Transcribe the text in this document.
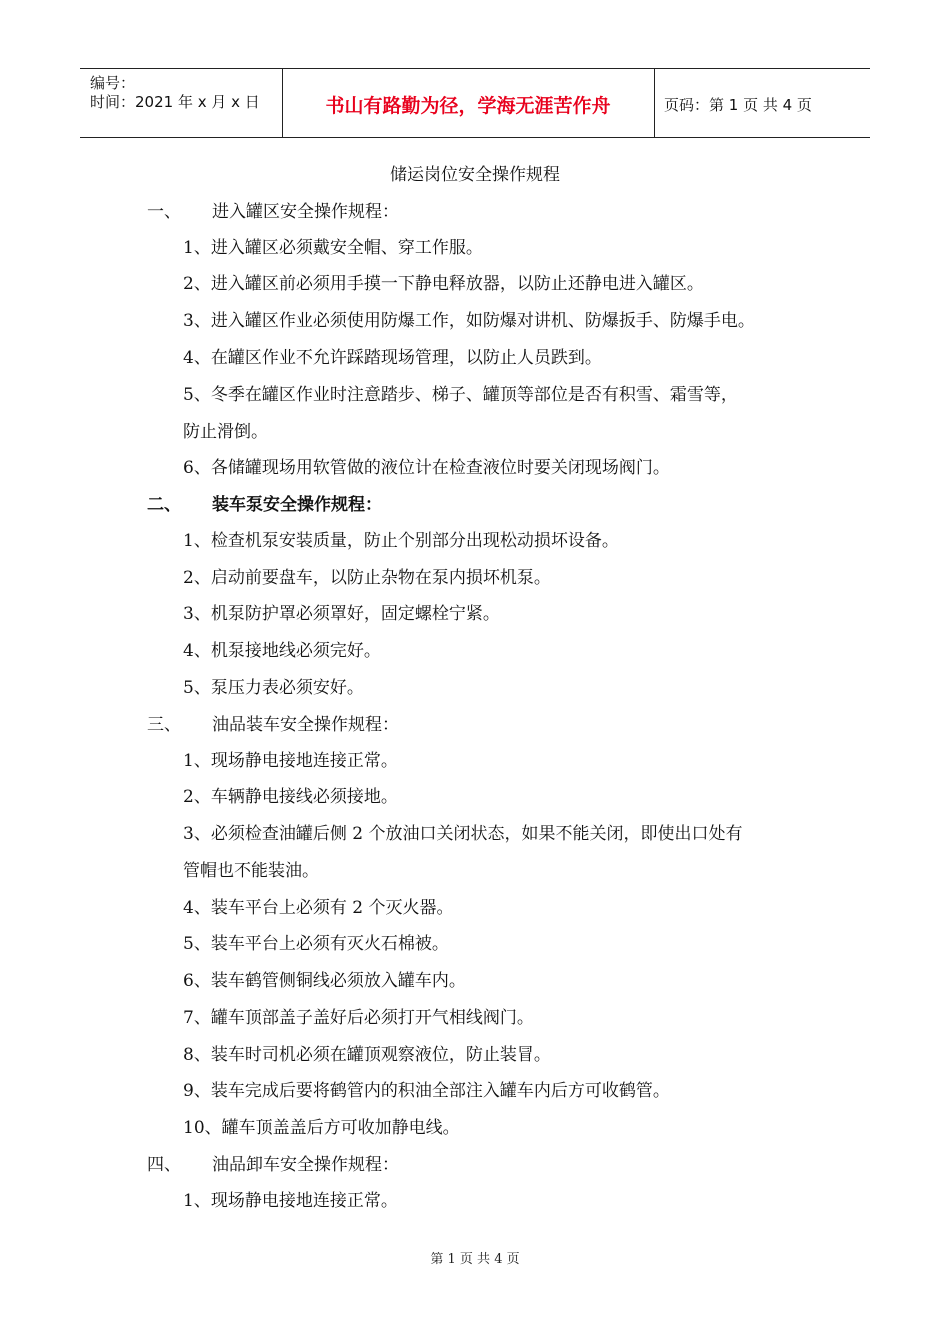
编号：
时间：2021 年 x 月 x 日	书山有路勤为径，学海无涯苦作舟	页码：第 1 页 共 4 页
储运岗位安全操作规程
一、 进入罐区安全操作规程：
1、进入罐区必须戴安全帽、穿工作服。
2、进入罐区前必须用手摸一下静电释放器，以防止还静电进入罐区。
3、进入罐区作业必须使用防爆工作，如防爆对讲机、防爆扳手、防爆手电。
4、在罐区作业不允许踩踏现场管理，以防止人员跌到。
5、冬季在罐区作业时注意踏步、梯子、罐顶等部位是否有积雪、霜雪等，
防止滑倒。
6、各储罐现场用软管做的液位计在检查液位时要关闭现场阀门。
二、 装车泵安全操作规程：
1、检查机泵安装质量，防止个别部分出现松动损坏设备。
2、启动前要盘车，以防止杂物在泵内损坏机泵。
3、机泵防护罩必须罩好，固定螺栓宁紧。
4、机泵接地线必须完好。
5、泵压力表必须安好。
三、 油品装车安全操作规程：
1、现场静电接地连接正常。
2、车辆静电接线必须接地。
3、必须检查油罐后侧 2 个放油口关闭状态，如果不能关闭，即使出口处有
管帽也不能装油。
4、装车平台上必须有 2 个灭火器。
5、装车平台上必须有灭火石棉被。
6、装车鹤管侧铜线必须放入罐车内。
7、罐车顶部盖子盖好后必须打开气相线阀门。
8、装车时司机必须在罐顶观察液位，防止装冒。
9、装车完成后要将鹤管内的积油全部注入罐车内后方可收鹤管。
10、罐车顶盖盖后方可收加静电线。
四、 油品卸车安全操作规程：
1、现场静电接地连接正常。
第 1 页 共 4 页
